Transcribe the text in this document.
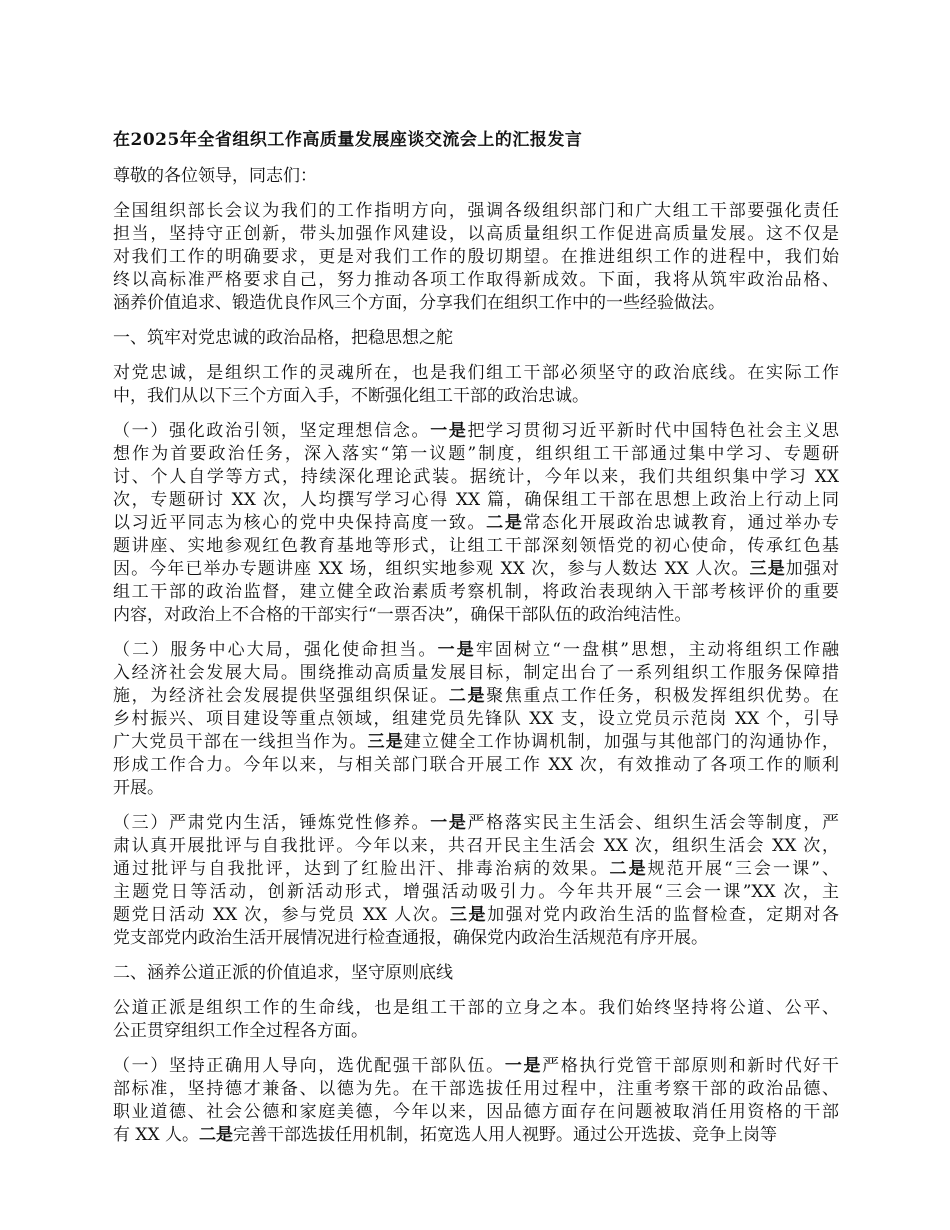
在2025年全省组织工作高质量发展座谈交流会上的汇报发言
尊敬的各位领导，同志们：
全国组织部长会议为我们的工作指明方向，强调各级组织部门和广大组工干部要强化责任
担当，坚持守正创新，带头加强作风建设，以高质量组织工作促进高质量发展。这不仅是
对我们工作的明确要求，更是对我们工作的殷切期望。在推进组织工作的进程中，我们始
终以高标准严格要求自己，努力推动各项工作取得新成效。下面，我将从筑牢政治品格、
涵养价值追求、锻造优良作风三个方面，分享我们在组织工作中的一些经验做法。
一、筑牢对党忠诚的政治品格，把稳思想之舵
对党忠诚，是组织工作的灵魂所在，也是我们组工干部必须坚守的政治底线。在实际工作
中，我们从以下三个方面入手，不断强化组工干部的政治忠诚。
（一）强化政治引领，坚定理想信念。一是把学习贯彻习近平新时代中国特色社会主义思
想作为首要政治任务，深入落实“第一议题”制度，组织组工干部通过集中学习、专题研
讨、个人自学等方式，持续深化理论武装。据统计，今年以来，我们共组织集中学习 XX
次，专题研讨 XX 次，人均撰写学习心得 XX 篇，确保组工干部在思想上政治上行动上同
以习近平同志为核心的党中央保持高度一致。二是常态化开展政治忠诚教育，通过举办专
题讲座、实地参观红色教育基地等形式，让组工干部深刻领悟党的初心使命，传承红色基
因。今年已举办专题讲座 XX 场，组织实地参观 XX 次，参与人数达 XX 人次。三是加强对
组工干部的政治监督，建立健全政治素质考察机制，将政治表现纳入干部考核评价的重要
内容，对政治上不合格的干部实行“一票否决”，确保干部队伍的政治纯洁性。
（二）服务中心大局，强化使命担当。一是牢固树立“一盘棋”思想，主动将组织工作融
入经济社会发展大局。围绕推动高质量发展目标，制定出台了一系列组织工作服务保障措
施，为经济社会发展提供坚强组织保证。二是聚焦重点工作任务，积极发挥组织优势。在
乡村振兴、项目建设等重点领域，组建党员先锋队 XX 支，设立党员示范岗 XX 个，引导
广大党员干部在一线担当作为。三是建立健全工作协调机制，加强与其他部门的沟通协作，
形成工作合力。今年以来，与相关部门联合开展工作 XX 次，有效推动了各项工作的顺利
开展。
（三）严肃党内生活，锤炼党性修养。一是严格落实民主生活会、组织生活会等制度，严
肃认真开展批评与自我批评。今年以来，共召开民主生活会 XX 次，组织生活会 XX 次，
通过批评与自我批评，达到了红脸出汗、排毒治病的效果。二是规范开展“三会一课”、
主题党日等活动，创新活动形式，增强活动吸引力。今年共开展“三会一课”XX 次，主
题党日活动 XX 次，参与党员 XX 人次。三是加强对党内政治生活的监督检查，定期对各
党支部党内政治生活开展情况进行检查通报，确保党内政治生活规范有序开展。
二、涵养公道正派的价值追求，坚守原则底线
公道正派是组织工作的生命线，也是组工干部的立身之本。我们始终坚持将公道、公平、
公正贯穿组织工作全过程各方面。
（一）坚持正确用人导向，选优配强干部队伍。一是严格执行党管干部原则和新时代好干
部标准，坚持德才兼备、以德为先。在干部选拔任用过程中，注重考察干部的政治品德、
职业道德、社会公德和家庭美德，今年以来，因品德方面存在问题被取消任用资格的干部
有 XX 人。二是完善干部选拔任用机制，拓宽选人用人视野。通过公开选拔、竞争上岗等
